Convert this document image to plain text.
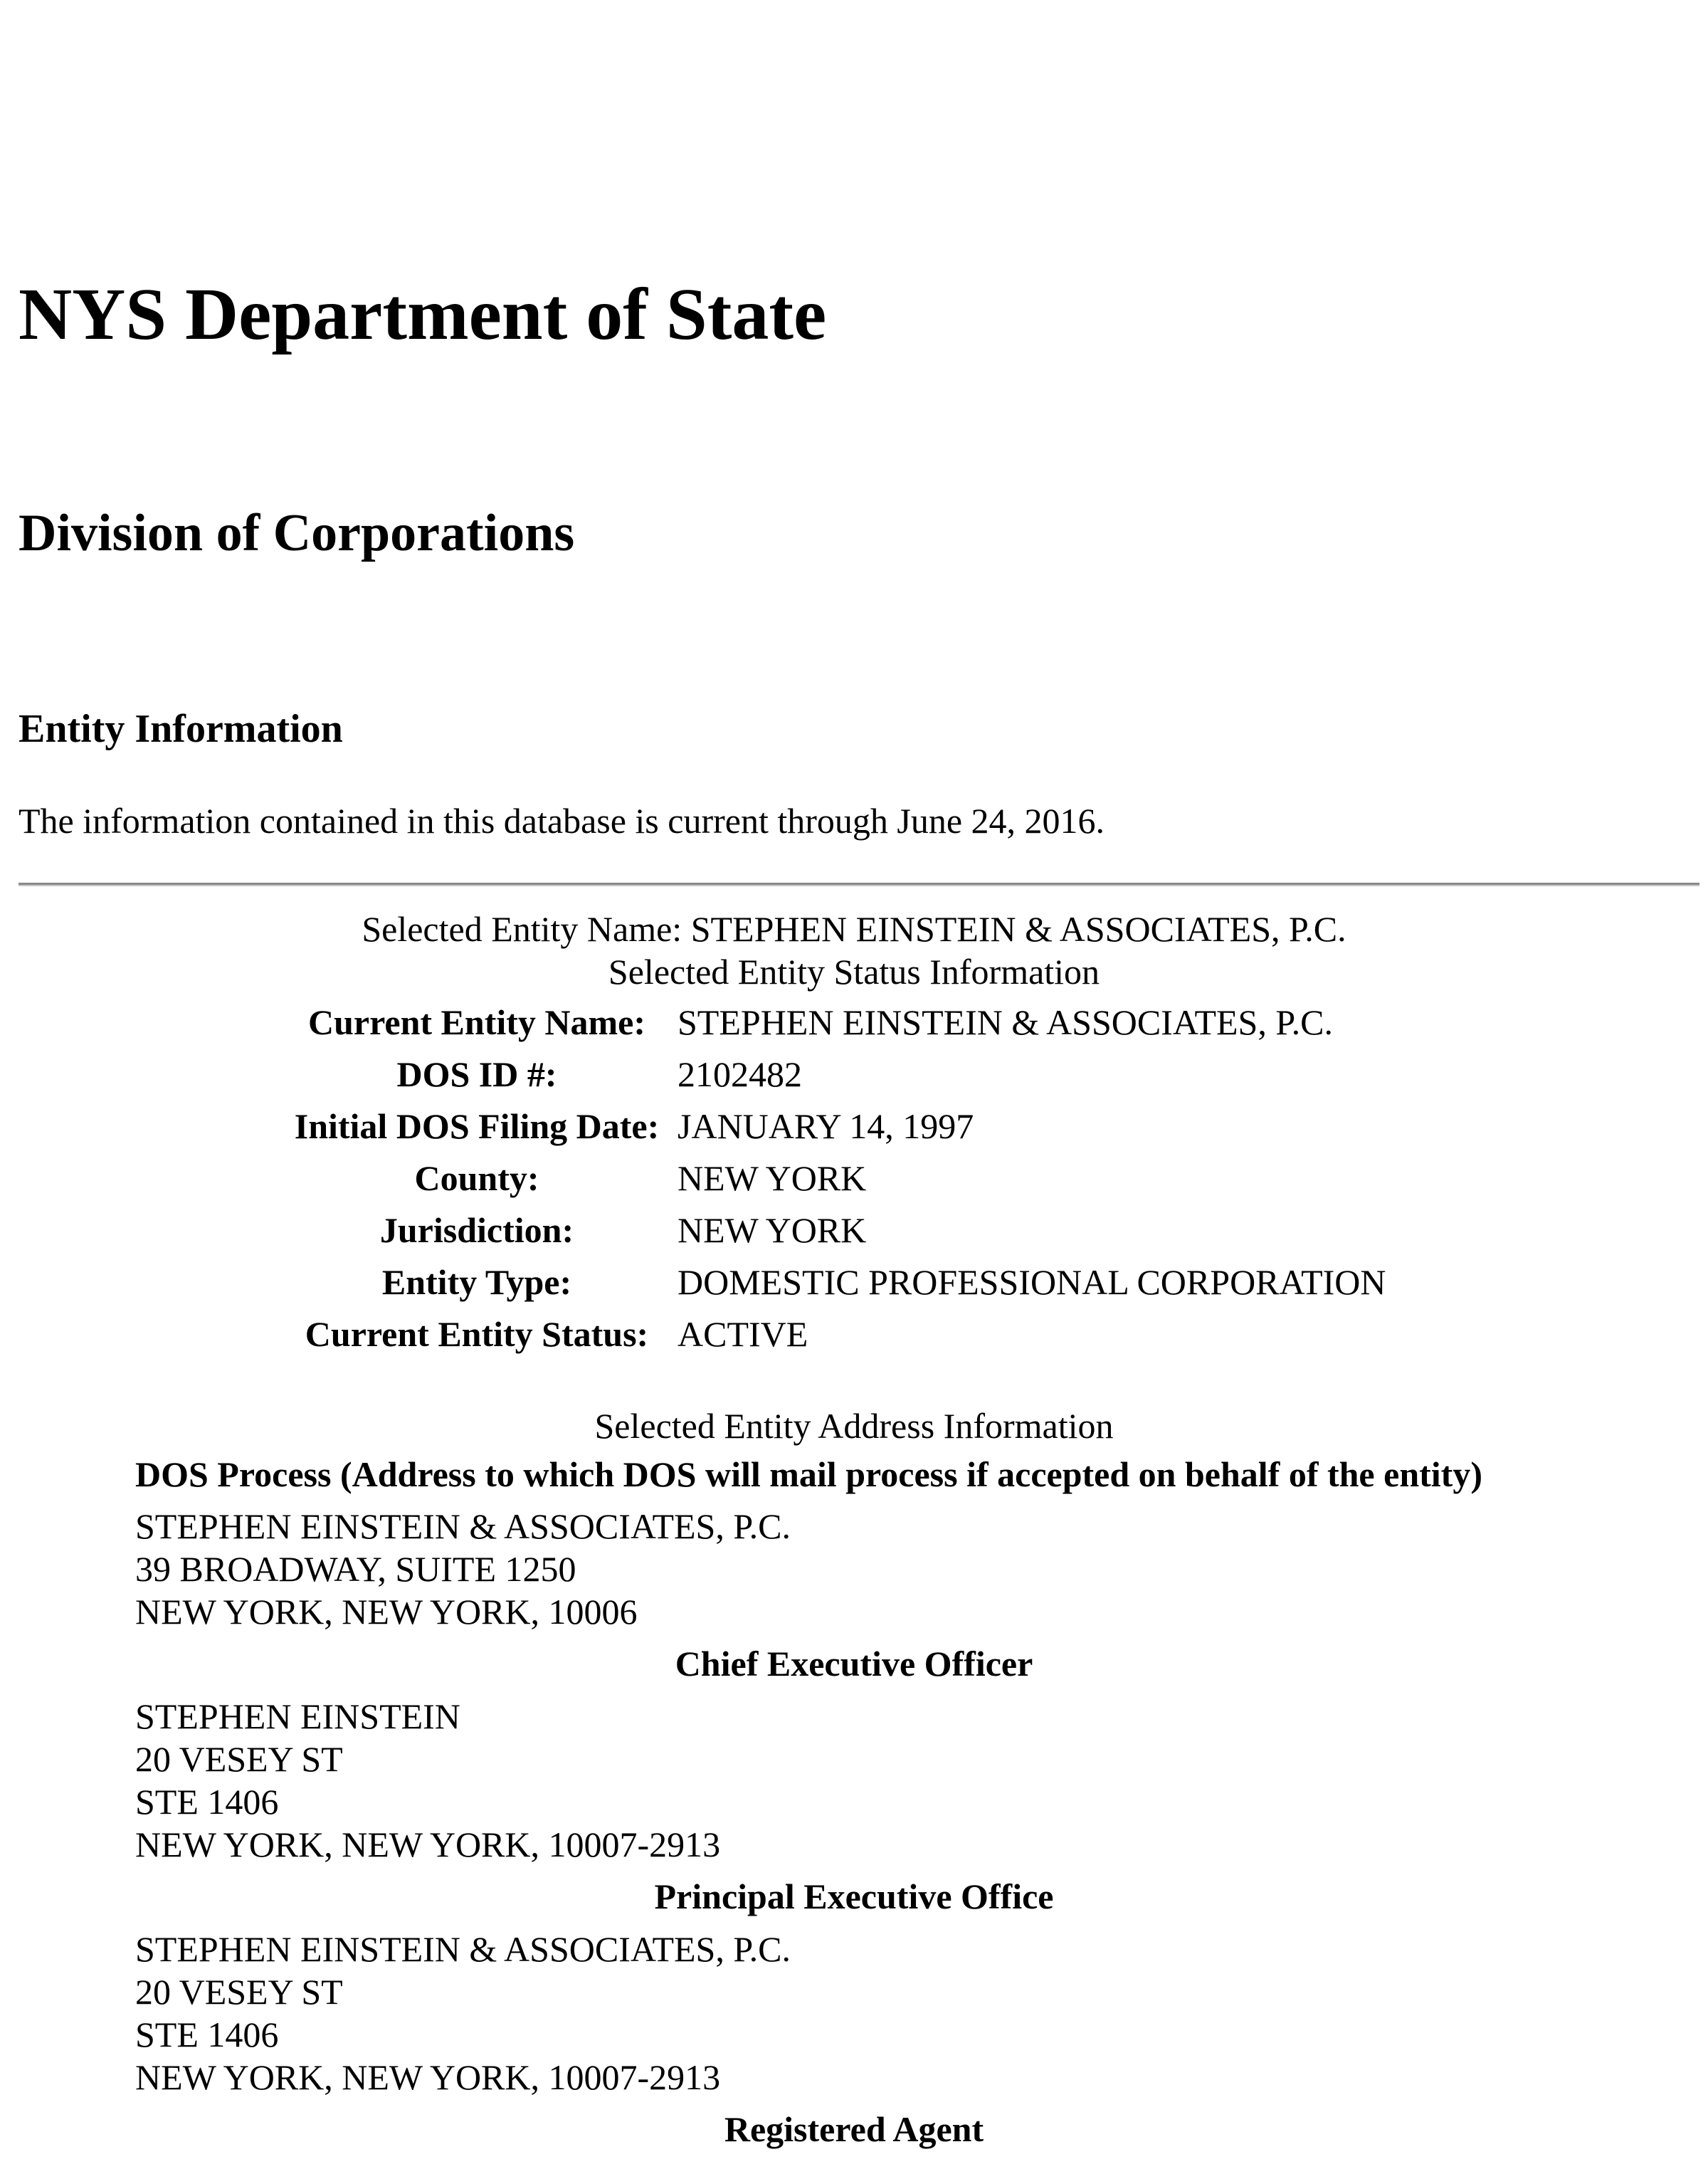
NYS Department of State
Division of Corporations
Entity Information
The information contained in this database is current through June 24, 2016.
Selected Entity Name: STEPHEN EINSTEIN & ASSOCIATES, P.C.
Selected Entity Status Information
Current Entity Name: STEPHEN EINSTEIN & ASSOCIATES, P.C.
DOS ID #:	2102482
Initial DOS Filing Date: JANUARY 14, 1997
County:	NEW YORK
Jurisdiction:	NEW YORK
Entity Type:	DOMESTIC PROFESSIONAL CORPORATION
Current Entity Status: ACTIVE
Selected Entity Address Information
DOS Process (Address to which DOS will mail process if accepted on behalf of the entity)
STEPHEN EINSTEIN & ASSOCIATES, P.C.
39 BROADWAY, SUITE 1250
NEW YORK, NEW YORK, 10006
Chief Executive Officer
STEPHEN EINSTEIN
20 VESEY ST
STE 1406
NEW YORK, NEW YORK, 10007-2913
Principal Executive Office
STEPHEN EINSTEIN & ASSOCIATES, P.C.
20 VESEY ST
STE 1406
NEW YORK, NEW YORK, 10007-2913
Registered Agent
